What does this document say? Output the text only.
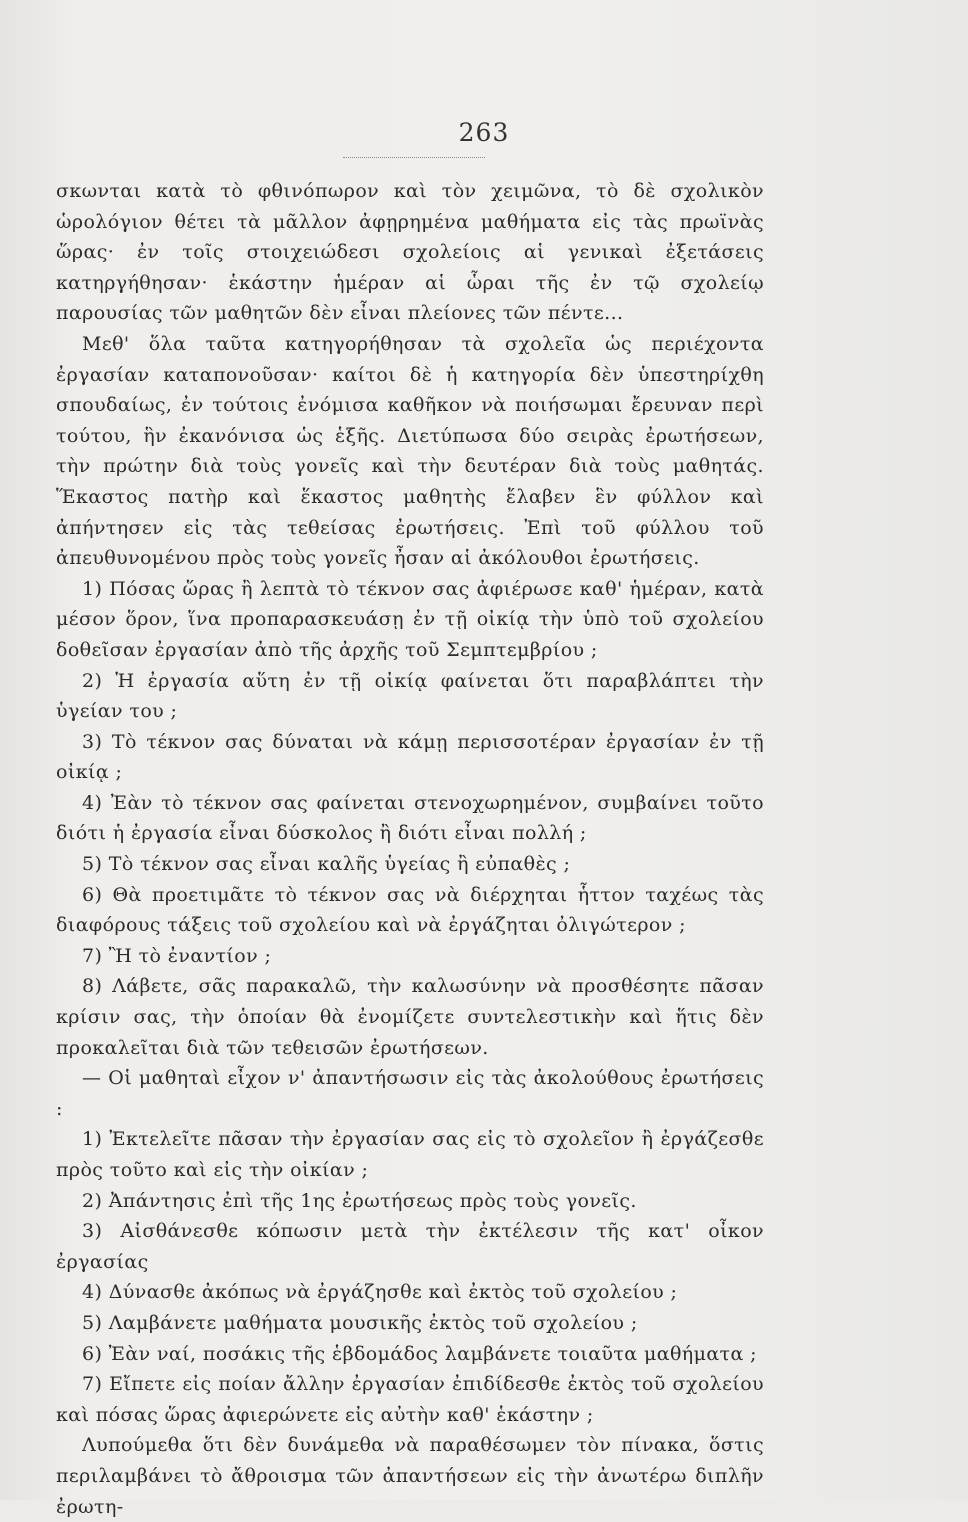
263

σκωνται κατὰ τὸ φθινόπωρον καὶ τὸν χειμῶνα, τὸ δὲ σχολικὸν ὡρολόγιον θέτει τὰ μᾶλλον ἀφῃρημένα μαθήματα εἰς τὰς πρωϊνὰς ὥρας· ἐν τοῖς στοιχειώδεσι σχολείοις αἱ γενικαὶ ἐξετάσεις κατηργήθησαν· ἑκάστην ἡμέραν αἱ ὧραι τῆς ἐν τῷ σχολείῳ παρουσίας τῶν μαθητῶν δὲν εἶναι πλείονες τῶν πέντε...

Μεθ' ὅλα ταῦτα κατηγορήθησαν τὰ σχολεῖα ὡς περιέχοντα ἐργασίαν καταπονοῦσαν· καίτοι δὲ ἡ κατηγορία δὲν ὑπεστηρίχθη σπουδαίως, ἐν τούτοις ἐνόμισα καθῆκον νὰ ποιήσωμαι ἔρευναν περὶ τούτου, ἣν ἐκανόνισα ὡς ἑξῆς. Διετύπωσα δύο σειρὰς ἐρωτήσεων, τὴν πρώτην διὰ τοὺς γονεῖς καὶ τὴν δευτέραν διὰ τοὺς μαθητάς. Ἕκαστος πατὴρ καὶ ἕκαστος μαθητὴς ἔλαβεν ἓν φύλλον καὶ ἀπήντησεν εἰς τὰς τεθείσας ἐρωτήσεις. Ἐπὶ τοῦ φύλλου τοῦ ἀπευθυνομένου πρὸς τοὺς γονεῖς ἦσαν αἱ ἀκόλουθοι ἐρωτήσεις.

1) Πόσας ὥρας ἢ λεπτὰ τὸ τέκνον σας ἀφιέρωσε καθ' ἡμέραν, κατὰ μέσον ὅρον, ἵνα προπαρασκευάσῃ ἐν τῇ οἰκίᾳ τὴν ὑπὸ τοῦ σχολείου δοθεῖσαν ἐργασίαν ἀπὸ τῆς ἀρχῆς τοῦ Σεμπτεμβρίου ;

2) Ἡ ἐργασία αὕτη ἐν τῇ οἰκίᾳ φαίνεται ὅτι παραβλάπτει τὴν ὑγείαν του ;

3) Τὸ τέκνον σας δύναται νὰ κάμῃ περισσοτέραν ἐργασίαν ἐν τῇ οἰκίᾳ ;

4) Ἐὰν τὸ τέκνον σας φαίνεται στενοχωρημένον, συμβαίνει τοῦτο διότι ἡ ἐργασία εἶναι δύσκολος ἢ διότι εἶναι πολλή ;

5) Τὸ τέκνον σας εἶναι καλῆς ὑγείας ἢ εὐπαθὲς ;

6) Θὰ προετιμᾶτε τὸ τέκνον σας νὰ διέρχηται ἧττον ταχέως τὰς διαφόρους τάξεις τοῦ σχολείου καὶ νὰ ἐργάζηται ὀλιγώτερον ;

7) Ἢ τὸ ἐναντίον ;

8) Λάβετε, σᾶς παρακαλῶ, τὴν καλωσύνην νὰ προσθέσητε πᾶσαν κρίσιν σας, τὴν ὁποίαν θὰ ἐνομίζετε συντελεστικὴν καὶ ἥτις δὲν προκαλεῖται διὰ τῶν τεθεισῶν ἐρωτήσεων.

— Οἱ μαθηταὶ εἶχον ν' ἀπαντήσωσιν εἰς τὰς ἀκολούθους ἐρωτήσεις :

1) Ἐκτελεῖτε πᾶσαν τὴν ἐργασίαν σας εἰς τὸ σχολεῖον ἢ ἐργάζεσθε πρὸς τοῦτο καὶ εἰς τὴν οἰκίαν ;

2) Ἀπάντησις ἐπὶ τῆς 1ης ἐρωτήσεως πρὸς τοὺς γονεῖς.

3) Αἰσθάνεσθε κόπωσιν μετὰ τὴν ἐκτέλεσιν τῆς κατ' οἶκον ἐργασίας

4) Δύνασθε ἀκόπως νὰ ἐργάζησθε καὶ ἐκτὸς τοῦ σχολείου ;

5) Λαμβάνετε μαθήματα μουσικῆς ἐκτὸς τοῦ σχολείου ;

6) Ἐὰν ναί, ποσάκις τῆς ἑβδομάδος λαμβάνετε τοιαῦτα μαθήματα ;

7) Εἴπετε εἰς ποίαν ἄλλην ἐργασίαν ἐπιδίδεσθε ἐκτὸς τοῦ σχολείου καὶ πόσας ὥρας ἀφιερώνετε εἰς αὐτὴν καθ' ἑκάστην ;

Λυπούμεθα ὅτι δὲν δυνάμεθα νὰ παραθέσωμεν τὸν πίνακα, ὅστις περιλαμβάνει τὸ ἄθροισμα τῶν ἀπαντήσεων εἰς τὴν ἀνωτέρω διπλῆν ἐρωτη-
